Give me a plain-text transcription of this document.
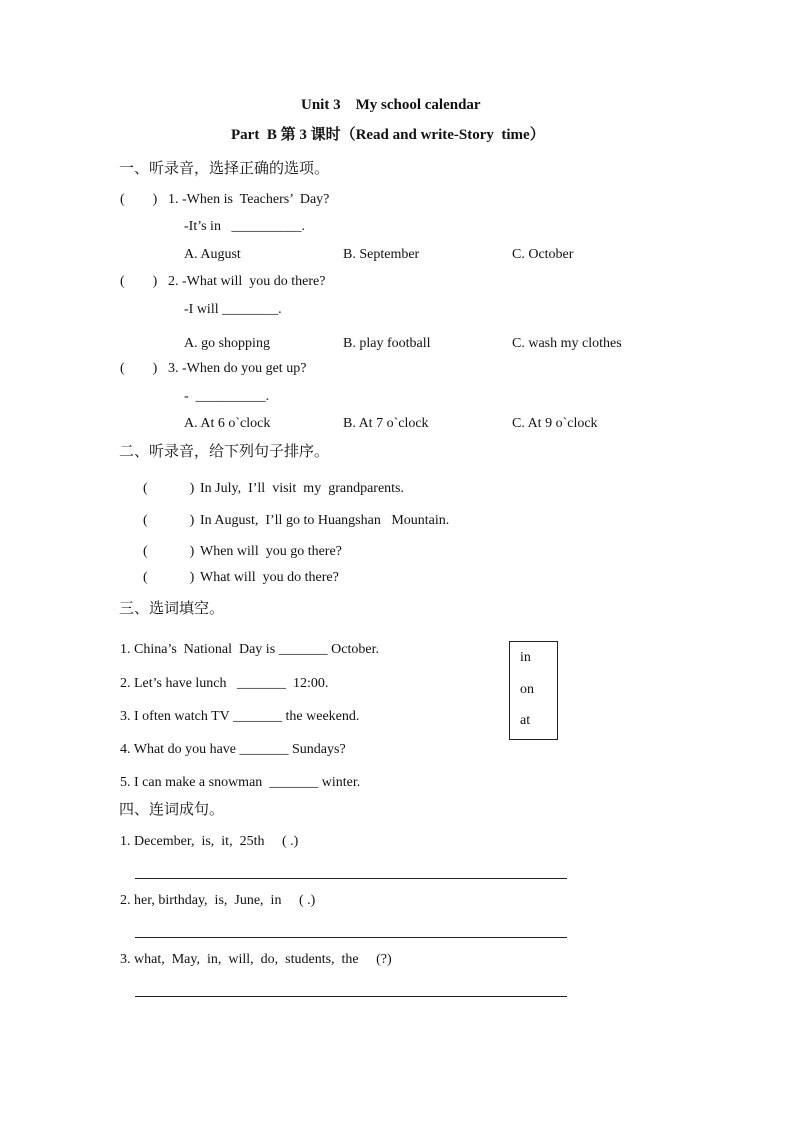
Unit 3　My school calendar
Part  B 第 3 课时（Read and write-Story  time）
一、听录音，选择正确的选项。
(　　) 1. -When is  Teachers’  Day?
-It’s in   __________.
A. August	B. September	C. October
(　　) 2. -What will  you do there?
-I will ________.
A. go shopping	B. play football	C. wash my clothes
(　　) 3. -When do you get up?
-  __________.
A. At 6 o`clock	B. At 7 o`clock	C. At 9 o`clock
二、听录音，给下列句子排序。
(　　　) In July,  I’ll  visit  my  grandparents.
(　　　) In August,  I’ll go to Huangshan   Mountain.
(　　　) When will  you go there?
(　　　) What will  you do there?
三、选词填空。
1. China’s  National  Day is _______ October.
2. Let’s have lunch   _______  12:00.
3. I often watch TV _______ the weekend.
4. What do you have _______ Sundays?
5. I can make a snowman  _______ winter.
in
on
at
四、连词成句。
1. December,  is,  it,  25th     ( .)
2. her, birthday,  is,  June,  in     ( .)
3. what,  May,  in,  will,  do,  students,  the     (?)
